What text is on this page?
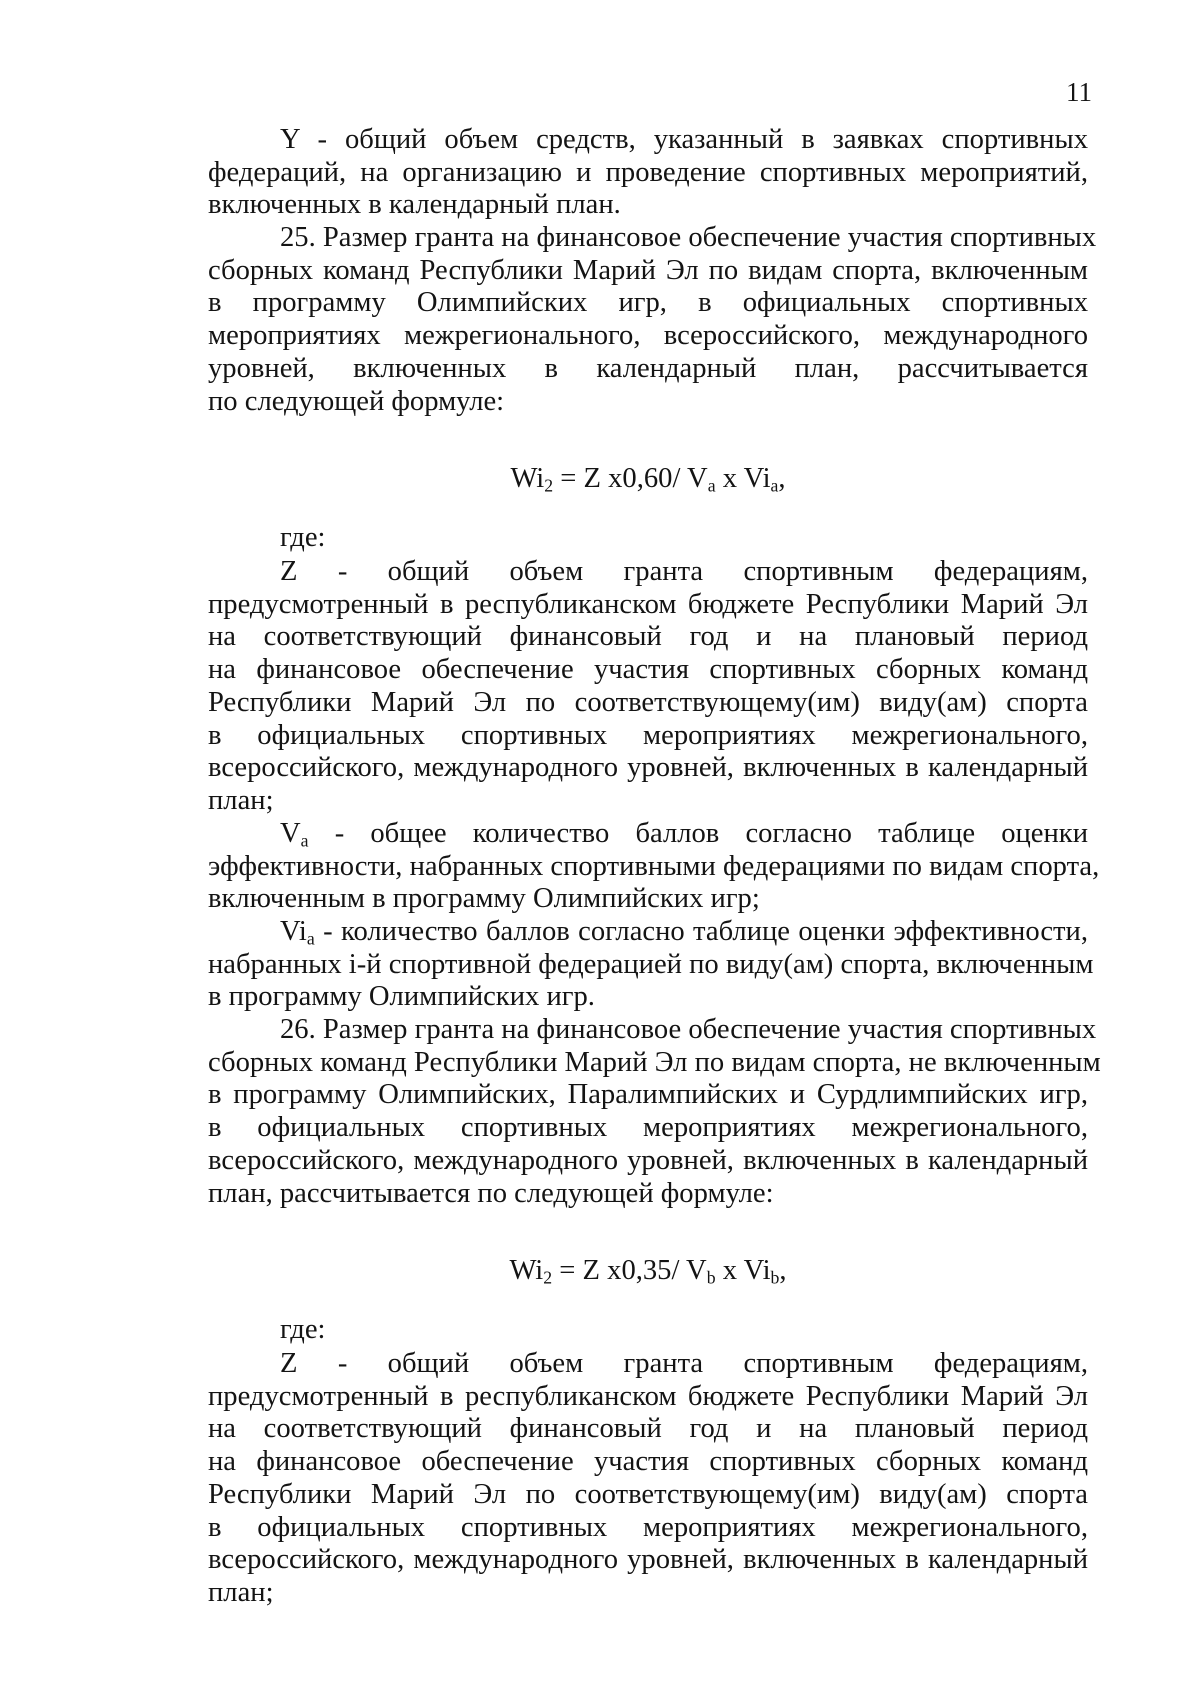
11
Y - общий объем средств, указанный в заявках спортивных
федераций, на организацию и проведение спортивных мероприятий,
включенных в календарный план.
25. Размер гранта на финансовое обеспечение участия спортивных
сборных команд Республики Марий Эл по видам спорта, включенным
в программу Олимпийских игр, в официальных спортивных
мероприятиях межрегионального, всероссийского, международного
уровней, включенных в календарный план, рассчитывается
по следующей формуле:
$Wi_2 = Z$ x0,60/ $V_a$ x $Vi_a$,
где:
Z - общий объем гранта спортивным федерациям,
предусмотренный в республиканском бюджете Республики Марий Эл
на соответствующий финансовый год и на плановый период
на финансовое обеспечение участия спортивных сборных команд
Республики Марий Эл по соответствующему(им) виду(ам) спорта
в официальных спортивных мероприятиях межрегионального,
всероссийского, международного уровней, включенных в календарный
план;
$V_a$ - общее количество баллов согласно таблице оценки
эффективности, набранных спортивными федерациями по видам спорта,
включенным в программу Олимпийских игр;
$Vi_a$ - количество баллов согласно таблице оценки эффективности,
набранных i-й спортивной федерацией по виду(ам) спорта, включенным
в программу Олимпийских игр.
26. Размер гранта на финансовое обеспечение участия спортивных
сборных команд Республики Марий Эл по видам спорта, не включенным
в программу Олимпийских, Паралимпийских и Сурдлимпийских игр,
в официальных спортивных мероприятиях межрегионального,
всероссийского, международного уровней, включенных в календарный
план, рассчитывается по следующей формуле:
$Wi_2 = Z$ x0,35/ $V_b$ x $Vi_b$,
где:
Z - общий объем гранта спортивным федерациям,
предусмотренный в республиканском бюджете Республики Марий Эл
на соответствующий финансовый год и на плановый период
на финансовое обеспечение участия спортивных сборных команд
Республики Марий Эл по соответствующему(им) виду(ам) спорта
в официальных спортивных мероприятиях межрегионального,
всероссийского, международного уровней, включенных в календарный
план;
